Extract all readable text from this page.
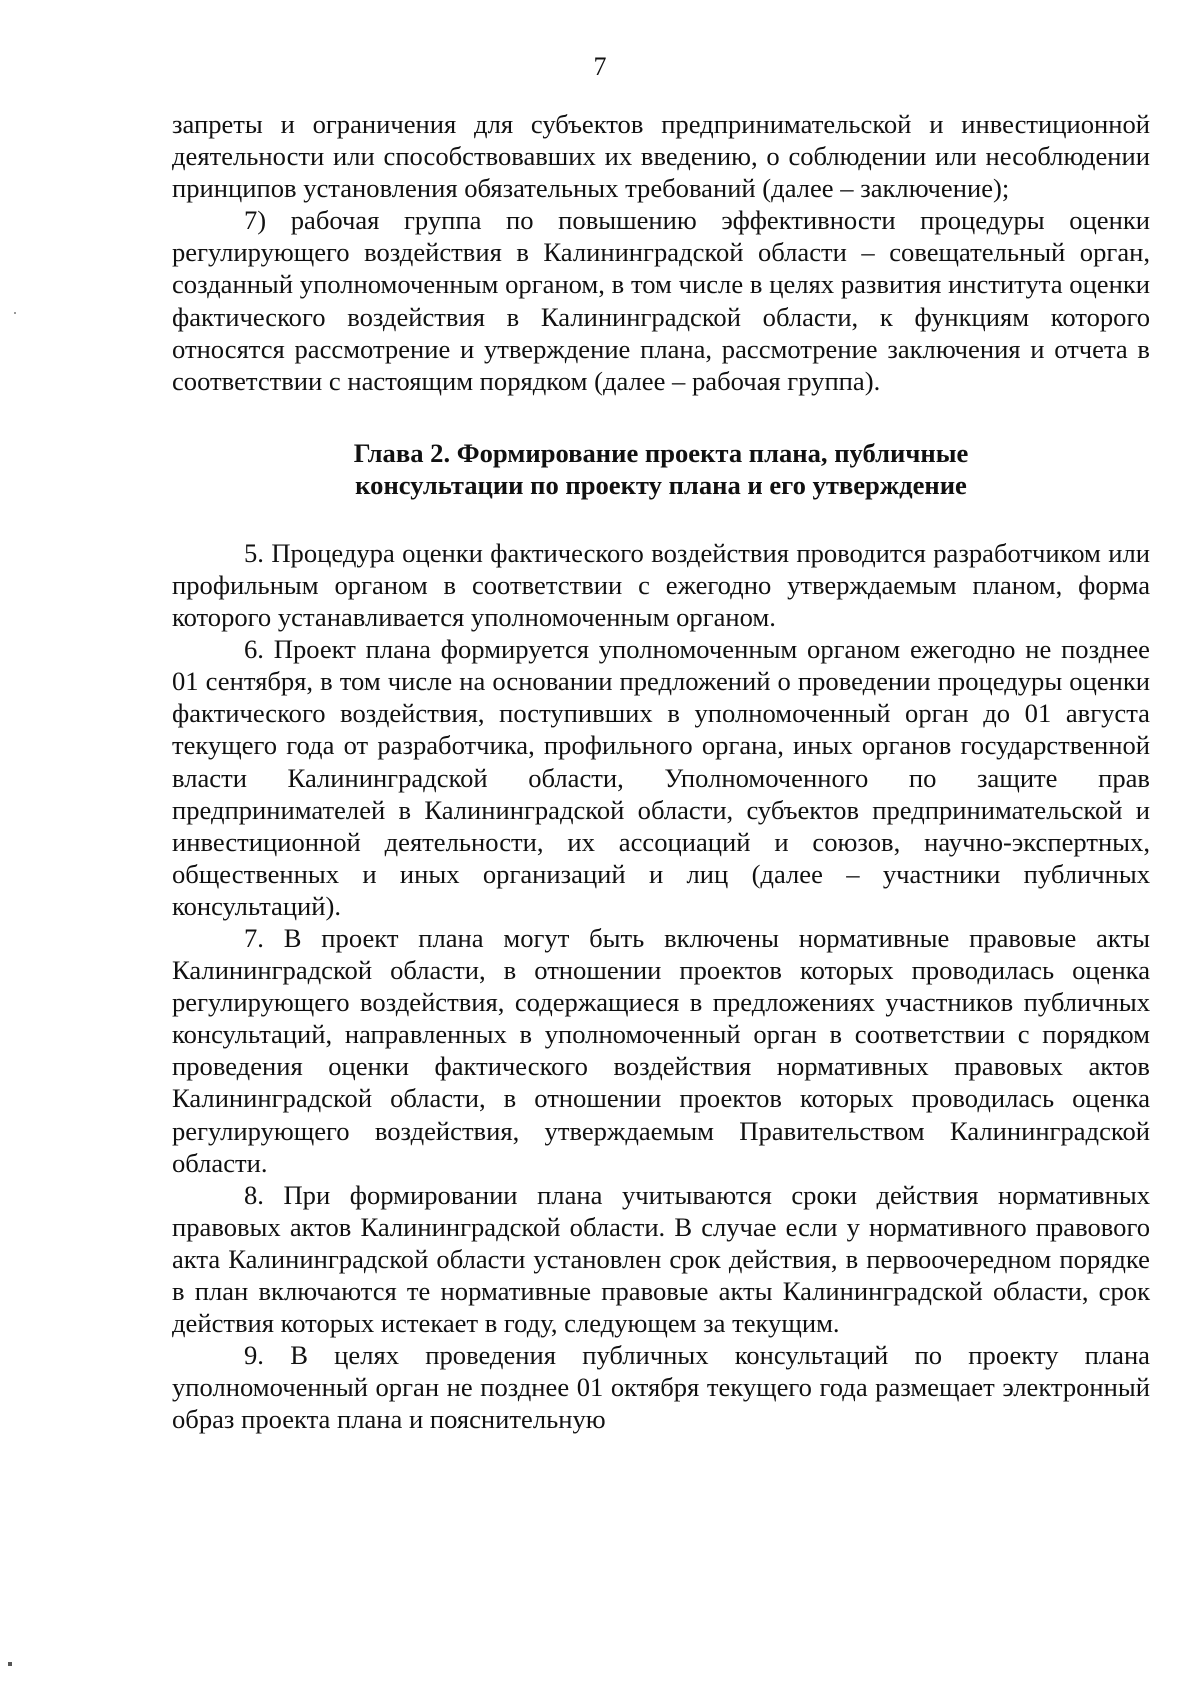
7

запреты и ограничения для субъектов предпринимательской и инвестиционной деятельности или способствовавших их введению, о соблюдении или несоблюдении принципов установления обязательных требований (далее – заключение);

7) рабочая группа по повышению эффективности процедуры оценки регулирующего воздействия в Калининградской области – совещательный орган, созданный уполномоченным органом, в том числе в целях развития института оценки фактического воздействия в Калининградской области, к функциям которого относятся рассмотрение и утверждение плана, рассмотрение заключения и отчета в соответствии с настоящим порядком (далее – рабочая группа).

Глава 2. Формирование проекта плана, публичные
консультации по проекту плана и его утверждение

5. Процедура оценки фактического воздействия проводится разработчиком или профильным органом в соответствии с ежегодно утверждаемым планом, форма которого устанавливается уполномоченным органом.

6. Проект плана формируется уполномоченным органом ежегодно не позднее 01 сентября, в том числе на основании предложений о проведении процедуры оценки фактического воздействия, поступивших в уполномоченный орган до 01 августа текущего года от разработчика, профильного органа, иных органов государственной власти Калининградской области, Уполномоченного по защите прав предпринимателей в Калининградской области, субъектов предпринимательской и инвестиционной деятельности, их ассоциаций и союзов, научно-экспертных, общественных и иных организаций и лиц (далее – участники публичных консультаций).

7. В проект плана могут быть включены нормативные правовые акты Калининградской области, в отношении проектов которых проводилась оценка регулирующего воздействия, содержащиеся в предложениях участников публичных консультаций, направленных в уполномоченный орган в соответствии с порядком проведения оценки фактического воздействия нормативных правовых актов Калининградской области, в отношении проектов которых проводилась оценка регулирующего воздействия, утверждаемым Правительством Калининградской области.

8. При формировании плана учитываются сроки действия нормативных правовых актов Калининградской области. В случае если у нормативного правового акта Калининградской области установлен срок действия, в первоочередном порядке в план включаются те нормативные правовые акты Калининградской области, срок действия которых истекает в году, следующем за текущим.

9. В целях проведения публичных консультаций по проекту плана уполномоченный орган не позднее 01 октября текущего года размещает электронный образ проекта плана и пояснительную
